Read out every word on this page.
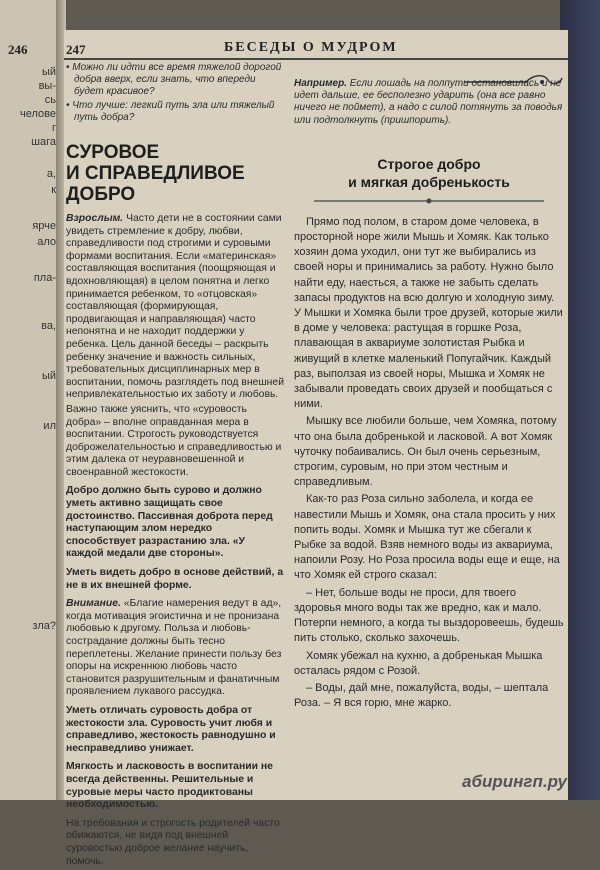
246
ый
вы-
сь
челове
г
шага
а,
к
ярче
ало
пла-
ва,
ый
ил
зла?
247	БЕСЕДЫ О МУДРОМ
• Можно ли идти все время тяжелой дорогой добра вверх, если знать, что впереди будет красивое?
• Что лучше: легкий путь зла или тяжелый путь добра?
СУРОВОЕ
И СПРАВЕДЛИВОЕ ДОБРО

Взрослым. Часто дети не в состоянии сами увидеть стремление к добру, любви, справедливости под строгими и суровыми формами воспитания. Если «материнская» составляющая воспитания (поощряющая и вдохновляющая) в целом понятна и легко принимается ребенком, то «отцовская» составляющая (формирующая, продвигающая и направляющая) часто непонятна и не находит поддержки у ребенка. Цель данной беседы – раскрыть ребенку значение и важность сильных, требовательных дисциплинарных мер в воспитании, помочь разглядеть под внешней непривлекательностью их заботу и любовь.

Важно также уяснить, что «суровость добра» – вполне оправданная мера в воспитании. Строгость руководствуется доброжелательностью и справедливостью и этим далека от неуравновешенной и своенравной жестокости.

Добро должно быть сурово и должно уметь активно защищать свое достоинство. Пассивная доброта перед наступающим злом нередко способствует разрастанию зла. «У каждой медали две стороны».
Уметь видеть добро в основе действий, а не в их внешней форме.

Внимание. «Благие намерения ведут в ад», когда мотивация эгоистична и не пронизана любовью к другому. Польза и любовь-сострадание должны быть тесно переплетены. Желание принести пользу без опоры на искреннюю любовь часто становится разрушительным и фанатичным проявлением лукавого рассудка.

Уметь отличать суровость добра от жестокости зла. Суровость учит любя и справедливо, жестокость равнодушно и несправедливо унижает.
Мягкость и ласковость в воспитании не всегда действенны. Решительные и суровые меры часто продиктованы необходимостью.

На требования и строгость родителей часто обижаются, не видя под внешней суровостью доброе желание научить, помочь.

Например. Если лошадь на полпути остановилась и не идет дальше, ее бесполезно ударить (она все равно ничего не поймет), а надо с силой потянуть за поводья или подтолкнуть (пришпорить).

Строгое добро
и мягкая добренькость

Прямо под полом, в старом доме человека, в просторной норе жили Мышь и Хомяк. Как только хозяин дома уходил, они тут же выбирались из своей норы и принимались за работу. Нужно было найти еду, наесться, а также не забыть сделать запасы продуктов на всю долгую и холодную зиму. У Мышки и Хомяка были трое друзей, которые жили в доме у человека: растущая в горшке Роза, плавающая в аквариуме золотистая Рыбка и живущий в клетке маленький Попугайчик. Каждый раз, выползая из своей норы, Мышка и Хомяк не забывали проведать своих друзей и пообщаться с ними.

Мышку все любили больше, чем Хомяка, потому что она была добренькой и ласковой. А вот Хомяк чуточку побаивались. Он был очень серьезным, строгим, суровым, но при этом честным и справедливым.

Как-то раз Роза сильно заболела, и когда ее навестили Мышь и Хомяк, она стала просить у них попить воды. Хомяк и Мышка тут же сбегали к Рыбке за водой. Взяв немного воды из аквариума, напоили Розу. Но Роза просила воды еще и еще, на что Хомяк ей строго сказал:

– Нет, больше воды не проси, для твоего здоровья много воды так же вредно, как и мало. Потерпи немного, а когда ты выздоровеешь, будешь пить столько, сколько захочешь.

Хомяк убежал на кухню, а добренькая Мышка осталась рядом с Розой.

– Воды, дай мне, пожалуйста, воды, – шептала Роза. – Я вся горю, мне жарко.

абирингп.ру
